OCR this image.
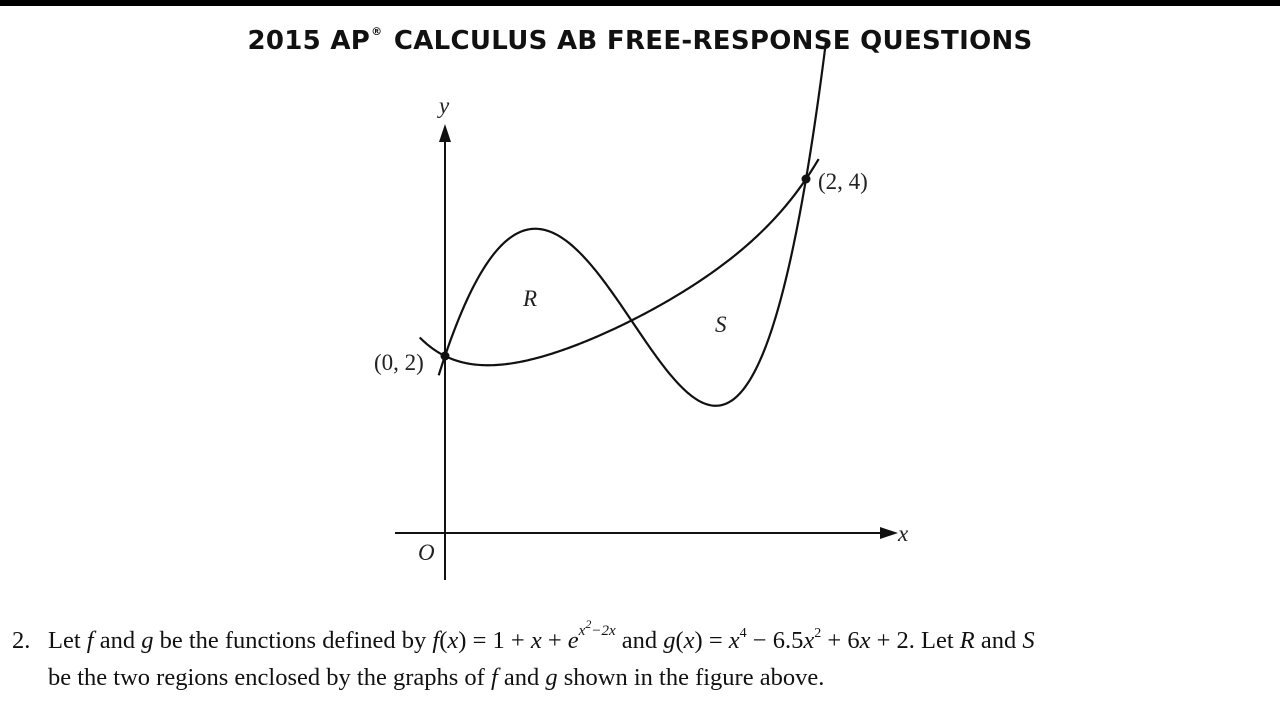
2015 AP® CALCULUS AB FREE-RESPONSE QUESTIONS
x
y
O
(0, 2)
(2, 4)
R
S
2. Let f and g be the functions defined by $f(x) = 1 + x + e^{x^2-2x}$ and $g(x) = x^4 - 6.5x^2 + 6x + 2$. Let R and S
be the two regions enclosed by the graphs of f and g shown in the figure above.
